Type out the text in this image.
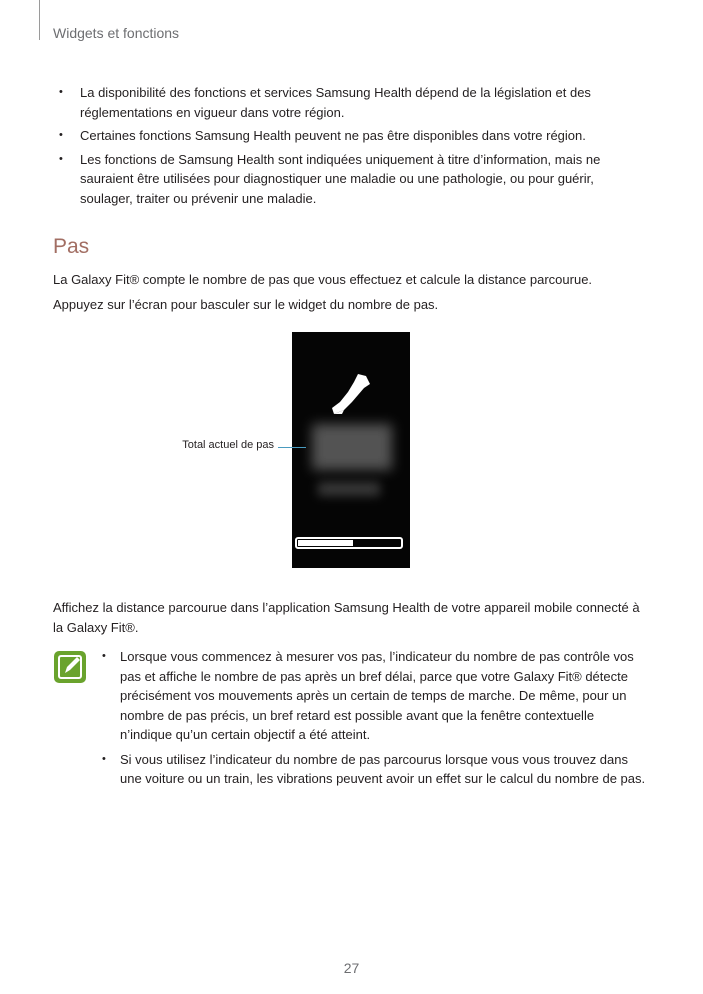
Widgets et fonctions
• La disponibilité des fonctions et services Samsung Health dépend de la législation et des réglementations en vigueur dans votre région.
• Certaines fonctions Samsung Health peuvent ne pas être disponibles dans votre région.
• Les fonctions de Samsung Health sont indiquées uniquement à titre d’information, mais ne sauraient être utilisées pour diagnostiquer une maladie ou une pathologie, ou pour guérir, soulager, traiter ou prévenir une maladie.
Pas
La Galaxy Fit® compte le nombre de pas que vous effectuez et calcule la distance parcourue.
Appuyez sur l’écran pour basculer sur le widget du nombre de pas.
Total actuel de pas
Affichez la distance parcourue dans l’application Samsung Health de votre appareil mobile connecté à la Galaxy Fit®.
• Lorsque vous commencez à mesurer vos pas, l’indicateur du nombre de pas contrôle vos pas et affiche le nombre de pas après un bref délai, parce que votre Galaxy Fit® détecte précisément vos mouvements après un certain de temps de marche. De même, pour un nombre de pas précis, un bref retard est possible avant que la fenêtre contextuelle n’indique qu’un certain objectif a été atteint.
• Si vous utilisez l’indicateur du nombre de pas parcourus lorsque vous vous trouvez dans une voiture ou un train, les vibrations peuvent avoir un effet sur le calcul du nombre de pas.
27
